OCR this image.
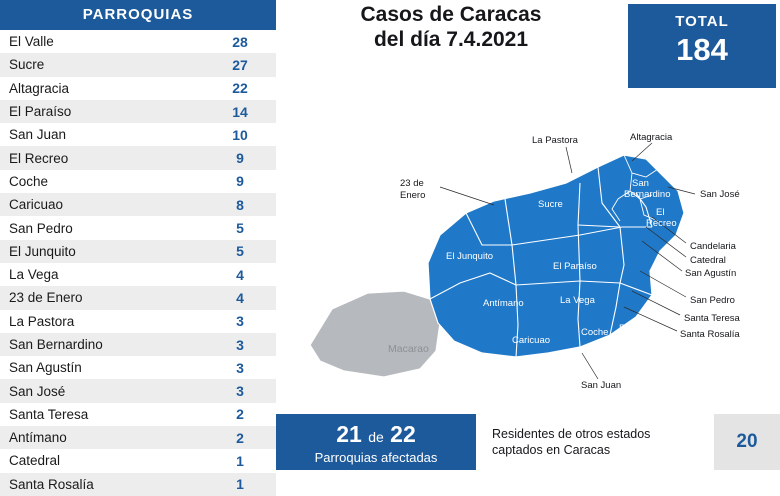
PARROQUIAS
El Valle	28
Sucre	27
Altagracia	22
El Paraíso	14
San Juan	10
El Recreo	9
Coche	9
Caricuao	8
San Pedro	5
El Junquito	5
La Vega	4
23 de Enero	4
La Pastora	3
San Bernardino	3
San Agustín	3
San José	3
Santa Teresa	2
Antímano	2
Catedral	1
Santa Rosalía	1
Casos de Caracas
del día 7.4.2021
TOTAL
184
La Pastora	Altagracia
23 de
Enero
San
Bernardino	San José
Sucre
El
Recreo
Candelaria
Catedral
San Agustín
El Junquito
El Paraíso
San Pedro
Antímano	La Vega
Santa Teresa
Santa Rosalía
Caricuao
Coche El Valle
Macarao
San Juan
21 de 22
Parroquias afectadas
Residentes de otros estados
captados en Caracas	20
